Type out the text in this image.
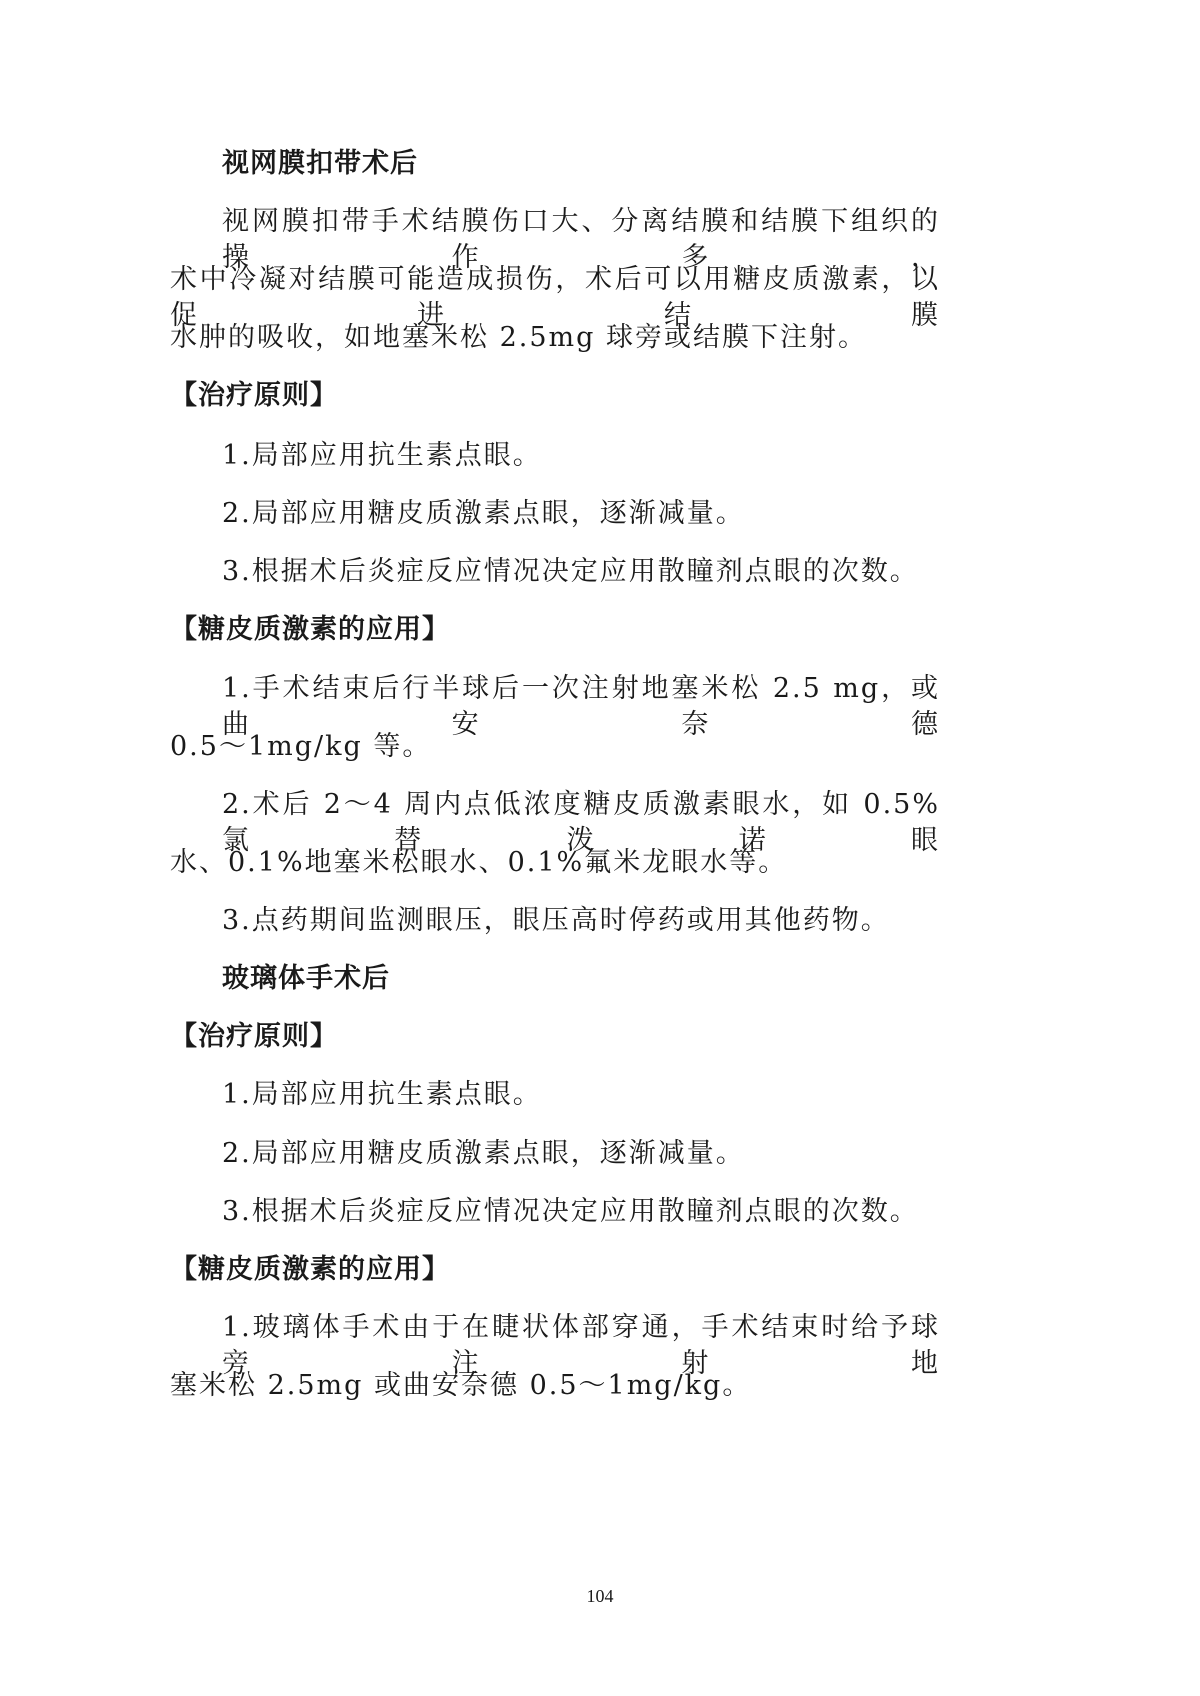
视网膜扣带术后
视网膜扣带手术结膜伤口大、分离结膜和结膜下组织的操作多，
术中冷凝对结膜可能造成损伤，术后可以用糖皮质激素，以促进结膜
水肿的吸收，如地塞米松 2.5mg 球旁或结膜下注射。
【治疗原则】
1.局部应用抗生素点眼。
2.局部应用糖皮质激素点眼，逐渐减量。
3.根据术后炎症反应情况决定应用散瞳剂点眼的次数。
【糖皮质激素的应用】
1.手术结束后行半球后一次注射地塞米松 2.5 mg，或曲安奈德
0.5～1mg/kg 等。
2.术后 2～4 周内点低浓度糖皮质激素眼水，如 0.5%氯替泼诺眼
水、0.1%地塞米松眼水、0.1%氟米龙眼水等。
3.点药期间监测眼压，眼压高时停药或用其他药物。
玻璃体手术后
【治疗原则】
1.局部应用抗生素点眼。
2.局部应用糖皮质激素点眼，逐渐减量。
3.根据术后炎症反应情况决定应用散瞳剂点眼的次数。
【糖皮质激素的应用】
1.玻璃体手术由于在睫状体部穿通，手术结束时给予球旁注射地
塞米松 2.5mg 或曲安奈德 0.5～1mg/kg。
104
